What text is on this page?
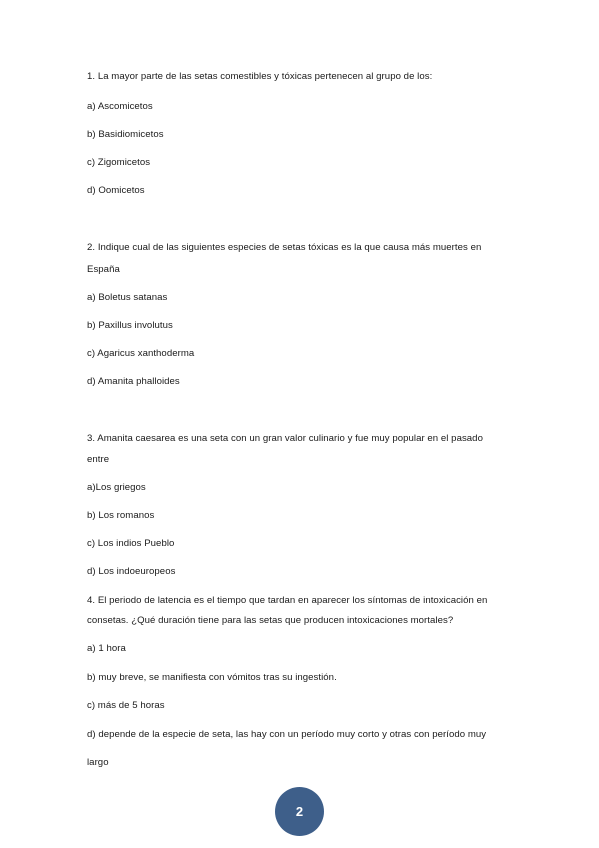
1. La mayor parte de las setas comestibles y tóxicas pertenecen al grupo de los:
a) Ascomicetos
b) Basidiomicetos
c) Zigomicetos
d) Oomicetos
2. Indique cual de las siguientes especies de setas tóxicas es la que causa más muertes en
España
a) Boletus satanas
b) Paxillus involutus
c) Agaricus xanthoderma
d) Amanita phalloides
3. Amanita caesarea es una seta con un gran valor culinario y fue muy popular en el pasado
entre
a)Los griegos
b) Los romanos
c) Los indios Pueblo
d) Los indoeuropeos
4. El periodo de latencia es el tiempo que tardan en aparecer los síntomas de intoxicación en
consetas. ¿Qué duración tiene para las setas que producen intoxicaciones mortales?
a) 1 hora
b) muy breve, se manifiesta con vómitos tras su ingestión.
c) más de 5 horas
d) depende de la especie de seta, las hay con un período muy corto y otras con período muy
largo
2
